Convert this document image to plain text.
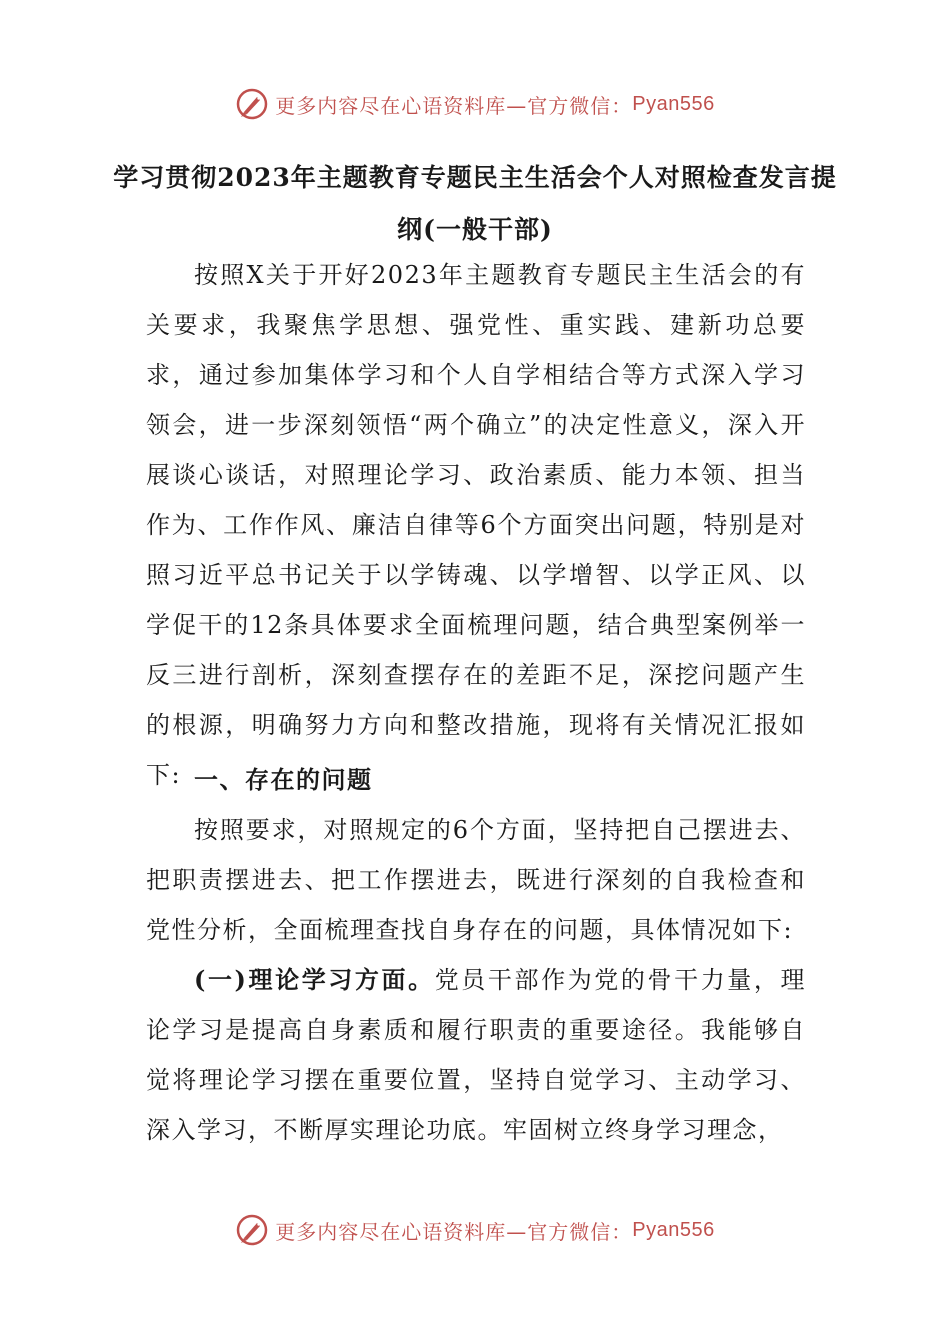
更多内容尽在心语资料库—官方微信： Pyan556
学习贯彻2023年主题教育专题民主生活会个人对照检查发言提纲(一般干部)
按照X关于开好2023年主题教育专题民主生活会的有关要求，我聚焦学思想、强党性、重实践、建新功总要求，通过参加集体学习和个人自学相结合等方式深入学习领会，进一步深刻领悟“两个确立”的决定性意义，深入开展谈心谈话，对照理论学习、政治素质、能力本领、担当作为、工作作风、廉洁自律等6个方面突出问题，特别是对照习近平总书记关于以学铸魂、以学增智、以学正风、以学促干的12条具体要求全面梳理问题，结合典型案例举一反三进行剖析，深刻查摆存在的差距不足，深挖问题产生的根源，明确努力方向和整改措施，现将有关情况汇报如下: 一、存在的问题
按照要求，对照规定的6个方面，坚持把自己摆进去、把职责摆进去、把工作摆进去，既进行深刻的自我检查和党性分析，全面梳理查找自身存在的问题，具体情况如下:
(一)理论学习方面。党员干部作为党的骨干力量，理论学习是提高自身素质和履行职责的重要途径。我能够自觉将理论学习摆在重要位置，坚持自觉学习、主动学习、深入学习，不断厚实理论功底。牢固树立终身学习理念，
更多内容尽在心语资料库—官方微信： Pyan556
